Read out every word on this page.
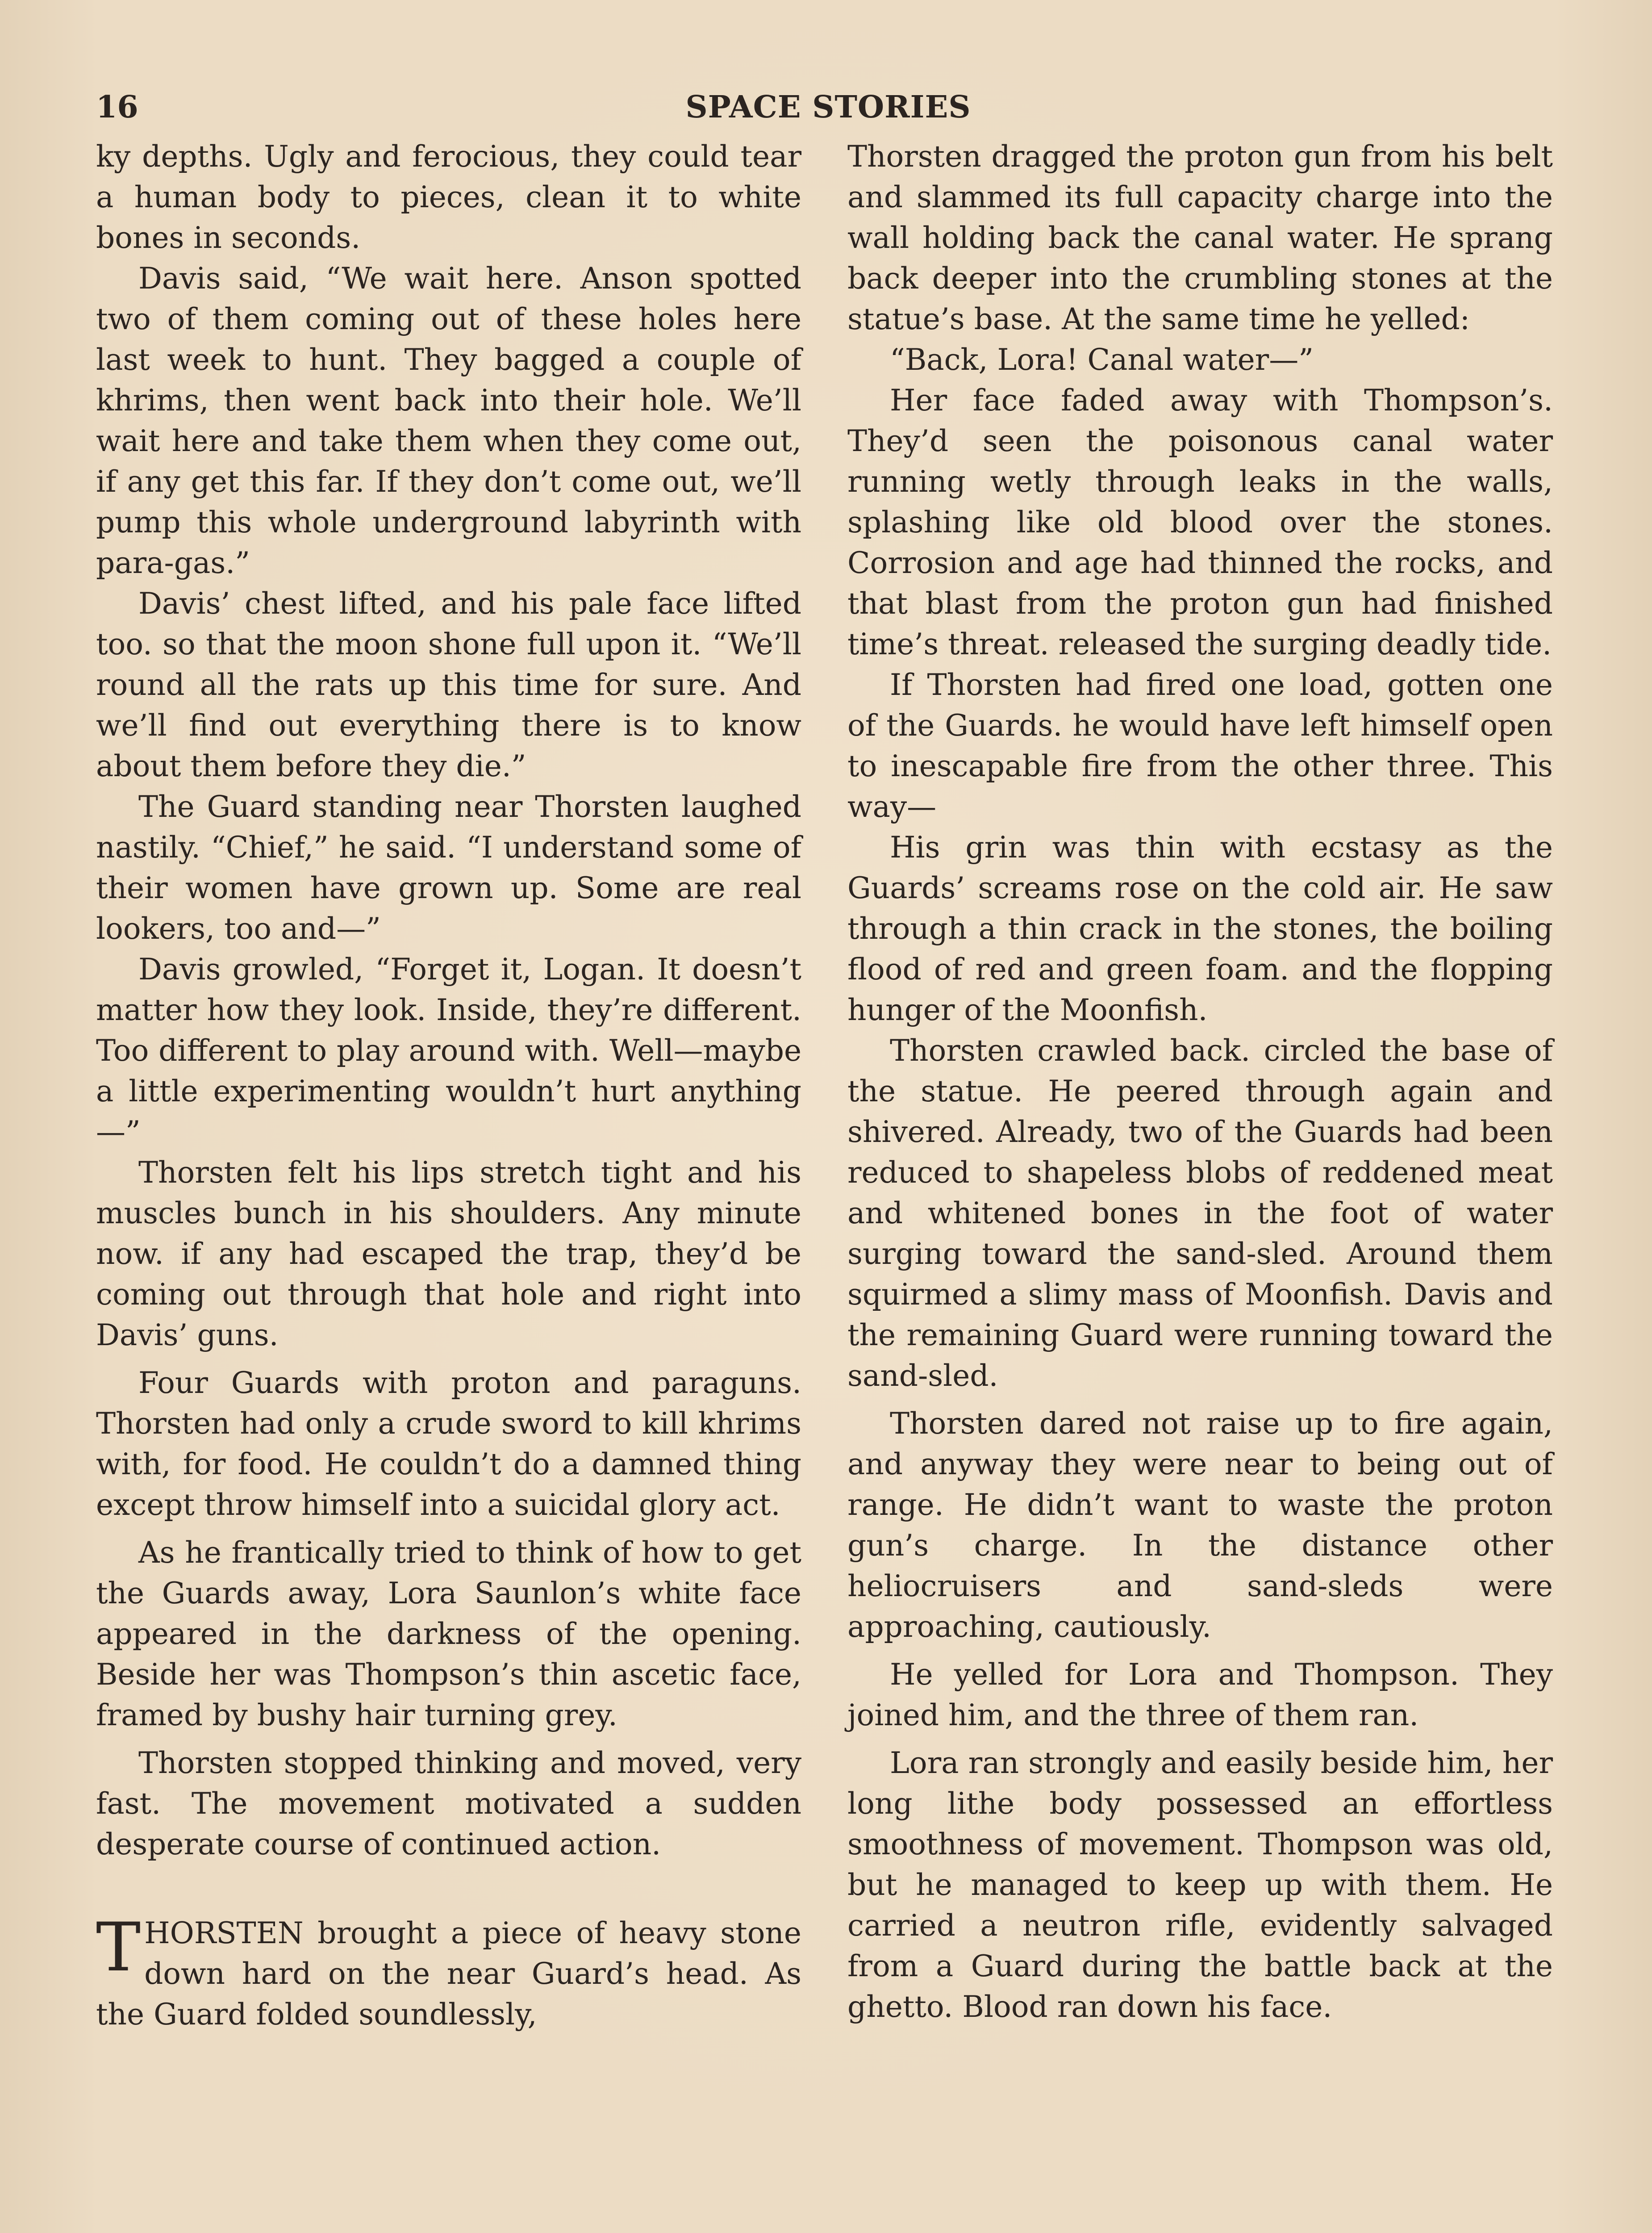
16	SPACE STORIES

ky depths. Ugly and ferocious, they could tear a human body to pieces, clean it to white bones in seconds.

Davis said, “We wait here. Anson spotted two of them coming out of these holes here last week to hunt. They bagged a couple of khrims, then went back into their hole. We’ll wait here and take them when they come out, if any get this far. If they don’t come out, we’ll pump this whole underground labyrinth with para-gas.”

Davis’ chest lifted, and his pale face lifted too. so that the moon shone full upon it. “We’ll round all the rats up this time for sure. And we’ll find out everything there is to know about them before they die.”

The Guard standing near Thorsten laughed nastily. “Chief,” he said. “I understand some of their women have grown up. Some are real lookers, too and—”

Davis growled, “Forget it, Logan. It doesn’t matter how they look. Inside, they’re different. Too different to play around with. Well—maybe a little experimenting wouldn’t hurt anything—”

Thorsten felt his lips stretch tight and his muscles bunch in his shoulders. Any minute now. if any had escaped the trap, they’d be coming out through that hole and right into Davis’ guns.

Four Guards with proton and paraguns. Thorsten had only a crude sword to kill khrims with, for food. He couldn’t do a damned thing except throw himself into a suicidal glory act.

As he frantically tried to think of how to get the Guards away, Lora Saunlon’s white face appeared in the darkness of the opening. Beside her was Thompson’s thin ascetic face, framed by bushy hair turning grey.

Thorsten stopped thinking and moved, very fast. The movement motivated a sudden desperate course of continued action.

THORSTEN brought a piece of heavy stone down hard on the near Guard’s head. As the Guard folded soundlessly,

Thorsten dragged the proton gun from his belt and slammed its full capacity charge into the wall holding back the canal water. He sprang back deeper into the crumbling stones at the statue’s base. At the same time he yelled:

“Back, Lora! Canal water—”

Her face faded away with Thompson’s. They’d seen the poisonous canal water running wetly through leaks in the walls, splashing like old blood over the stones. Corrosion and age had thinned the rocks, and that blast from the proton gun had finished time’s threat. released the surging deadly tide.

If Thorsten had fired one load, gotten one of the Guards. he would have left himself open to inescapable fire from the other three. This way—

His grin was thin with ecstasy as the Guards’ screams rose on the cold air. He saw through a thin crack in the stones, the boiling flood of red and green foam. and the flopping hunger of the Moonfish.

Thorsten crawled back. circled the base of the statue. He peered through again and shivered. Already, two of the Guards had been reduced to shapeless blobs of reddened meat and whitened bones in the foot of water surging toward the sand-sled. Around them squirmed a slimy mass of Moonfish. Davis and the remaining Guard were running toward the sand-sled.

Thorsten dared not raise up to fire again, and anyway they were near to being out of range. He didn’t want to waste the proton gun’s charge. In the distance other heliocruisers and sand-sleds were approaching, cautiously.

He yelled for Lora and Thompson. They joined him, and the three of them ran.

Lora ran strongly and easily beside him, her long lithe body possessed an effortless smoothness of movement. Thompson was old, but he managed to keep up with them. He carried a neutron rifle, evidently salvaged from a Guard during the battle back at the ghetto. Blood ran down his face.
